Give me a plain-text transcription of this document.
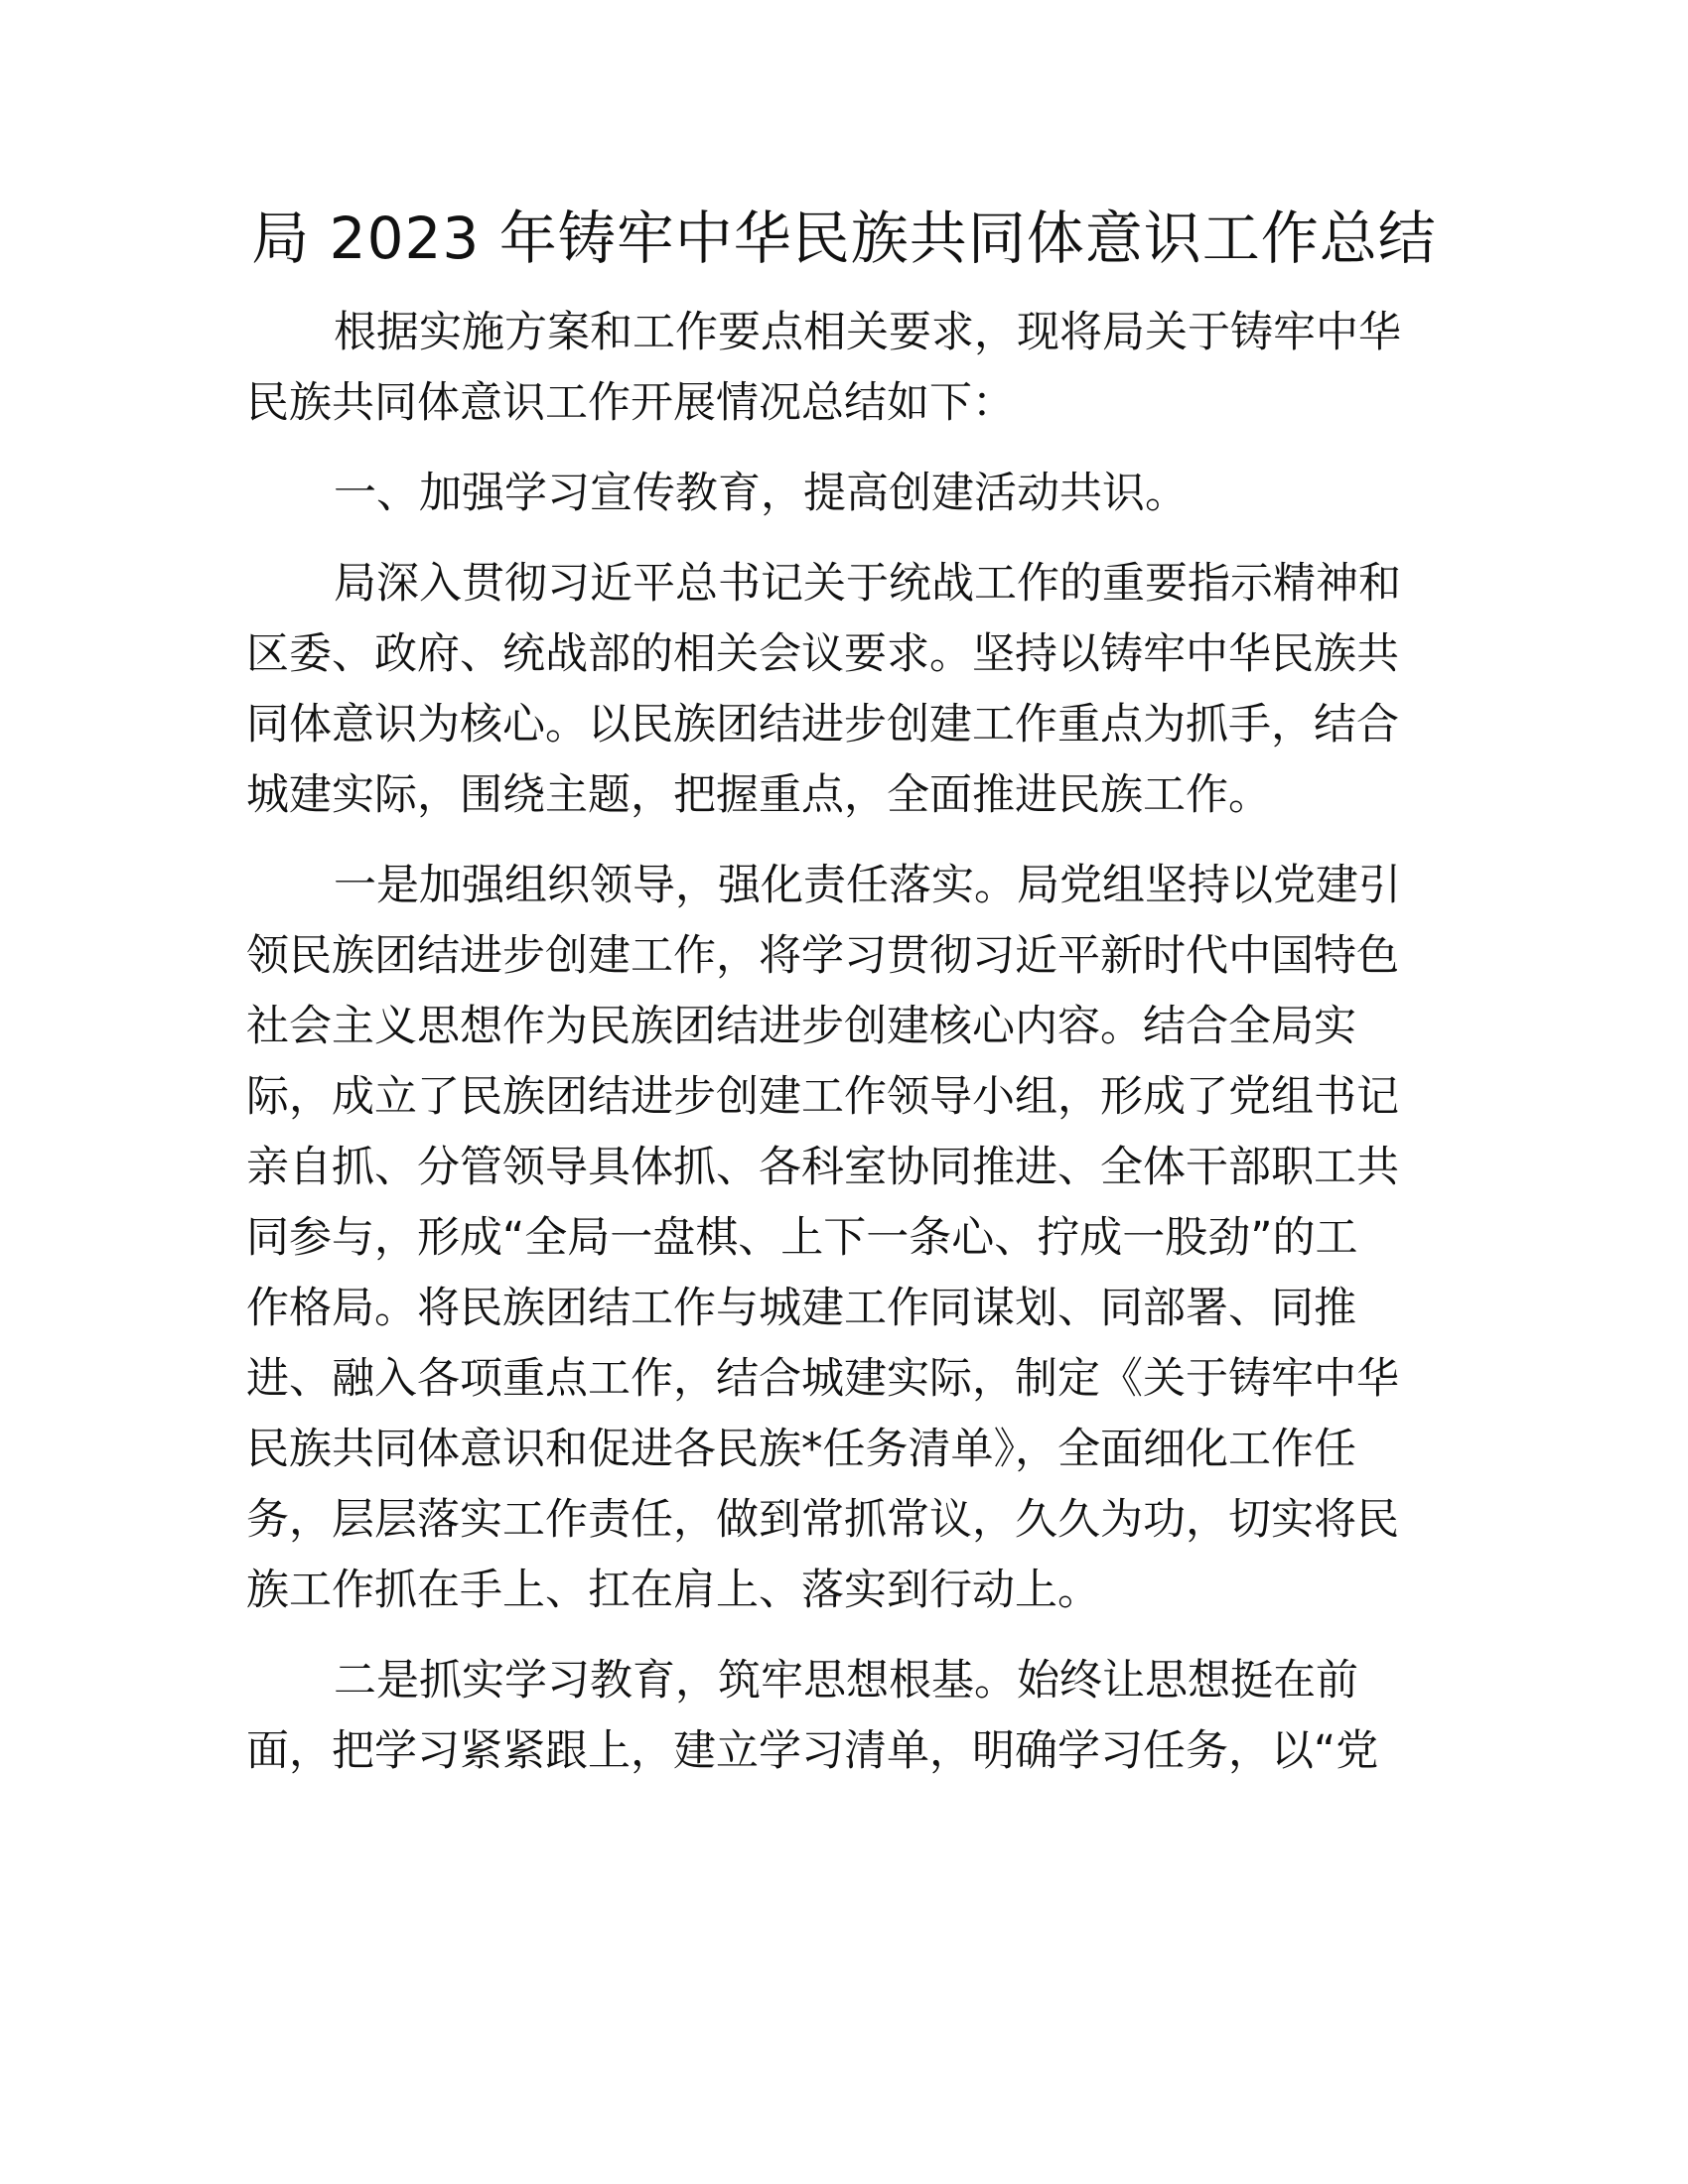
局 2023 年铸牢中华民族共同体意识工作总结

根据实施方案和工作要点相关要求，现将局关于铸牢中华
民族共同体意识工作开展情况总结如下：

一、加强学习宣传教育，提高创建活动共识。

局深入贯彻习近平总书记关于统战工作的重要指示精神和
区委、政府、统战部的相关会议要求。坚持以铸牢中华民族共
同体意识为核心。以民族团结进步创建工作重点为抓手，结合
城建实际，围绕主题，把握重点，全面推进民族工作。

一是加强组织领导，强化责任落实。局党组坚持以党建引
领民族团结进步创建工作，将学习贯彻习近平新时代中国特色
社会主义思想作为民族团结进步创建核心内容。结合全局实
际，成立了民族团结进步创建工作领导小组，形成了党组书记
亲自抓、分管领导具体抓、各科室协同推进、全体干部职工共
同参与，形成“全局一盘棋、上下一条心、拧成一股劲”的工
作格局。将民族团结工作与城建工作同谋划、同部署、同推
进、融入各项重点工作，结合城建实际，制定《关于铸牢中华
民族共同体意识和促进各民族*任务清单》，全面细化工作任
务，层层落实工作责任，做到常抓常议，久久为功，切实将民
族工作抓在手上、扛在肩上、落实到行动上。

二是抓实学习教育，筑牢思想根基。始终让思想挺在前
面，把学习紧紧跟上，建立学习清单，明确学习任务，以“党
